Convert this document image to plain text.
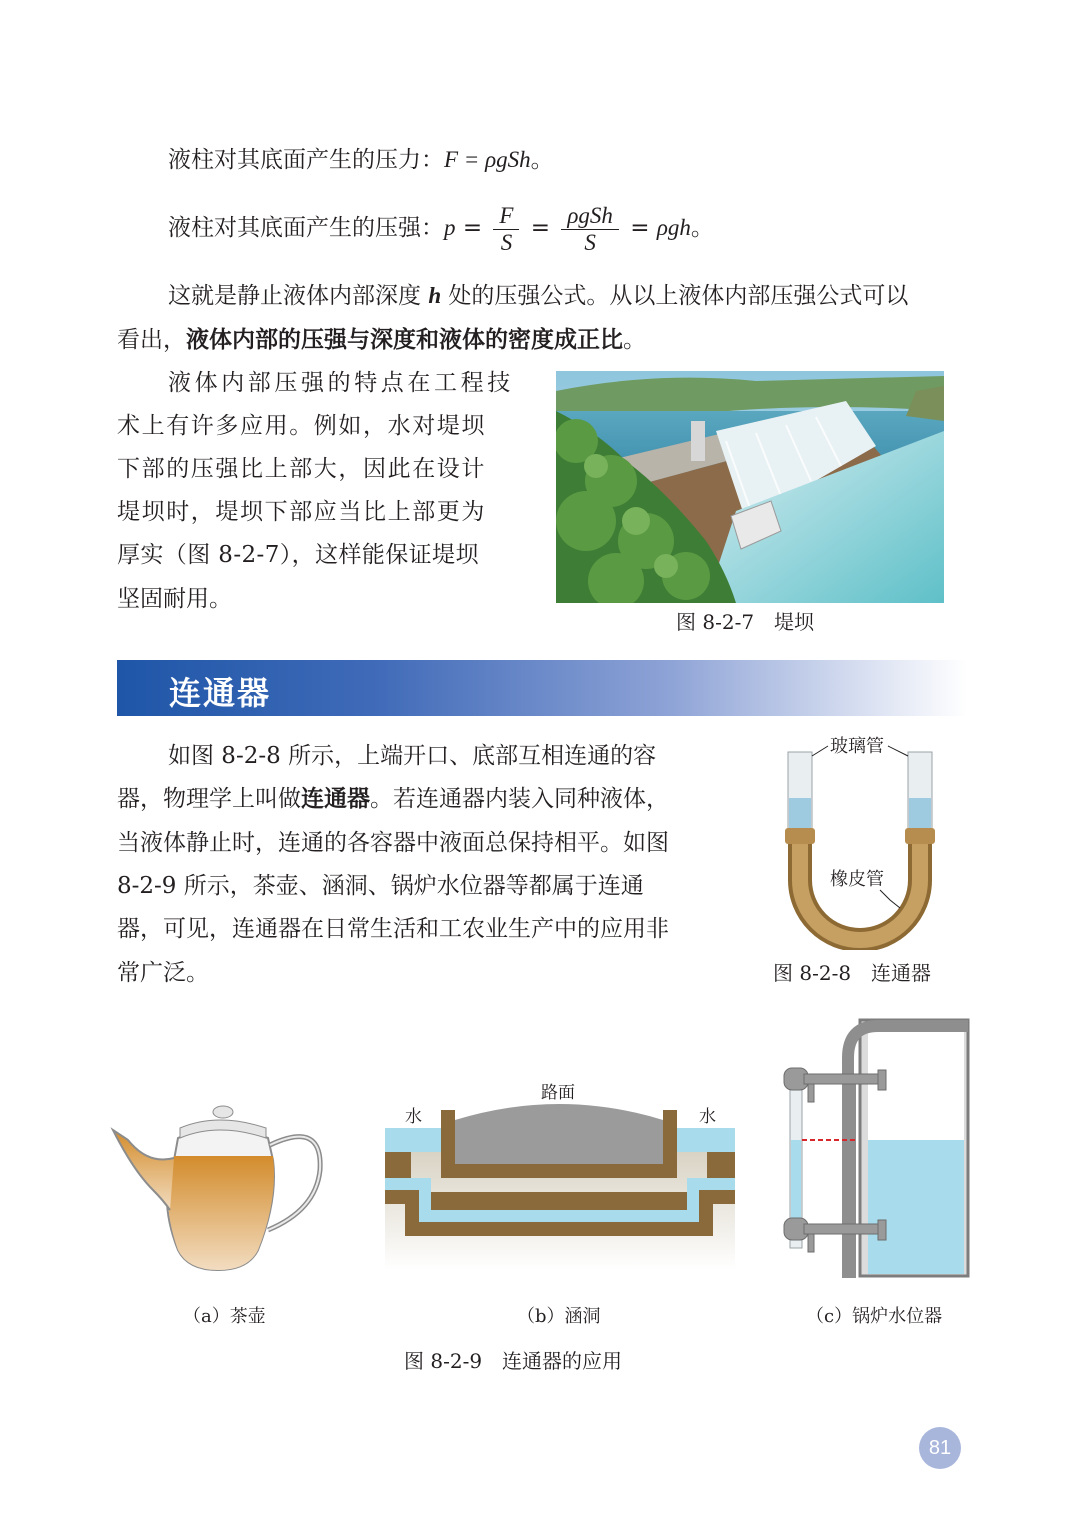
液柱对其底面产生的压力：F = ρgSh。
液柱对其底面产生的压强：$p = \frac{F}{S} = \frac{\text{ρgSh}}{S} = \rho gh$。
这就是静止液体内部深度 h 处的压强公式。从以上液体内部压强公式可以
看出，液体内部的压强与深度和液体的密度成正比。
液体内部压强的特点在工程技
术上有许多应用。例如，水对堤坝
下部的压强比上部大，因此在设计
堤坝时，堤坝下部应当比上部更为
厚实（图 8-2-7），这样能保证堤坝
坚固耐用。
图 8-2-7　堤坝
连通器
如图 8-2-8 所示，上端开口、底部互相连通的容
器，物理学上叫做连通器。若连通器内装入同种液体，
当液体静止时，连通的各容器中液面总保持相平。如图
8-2-9 所示，茶壶、涵洞、锅炉水位器等都属于连通
器，可见，连通器在日常生活和工农业生产中的应用非
常广泛。
玻璃管
橡皮管
图 8-2-8　连通器
（a）茶壶
路面
水	水
（b）涵洞	（c）锅炉水位器
图 8-2-9　连通器的应用
81
